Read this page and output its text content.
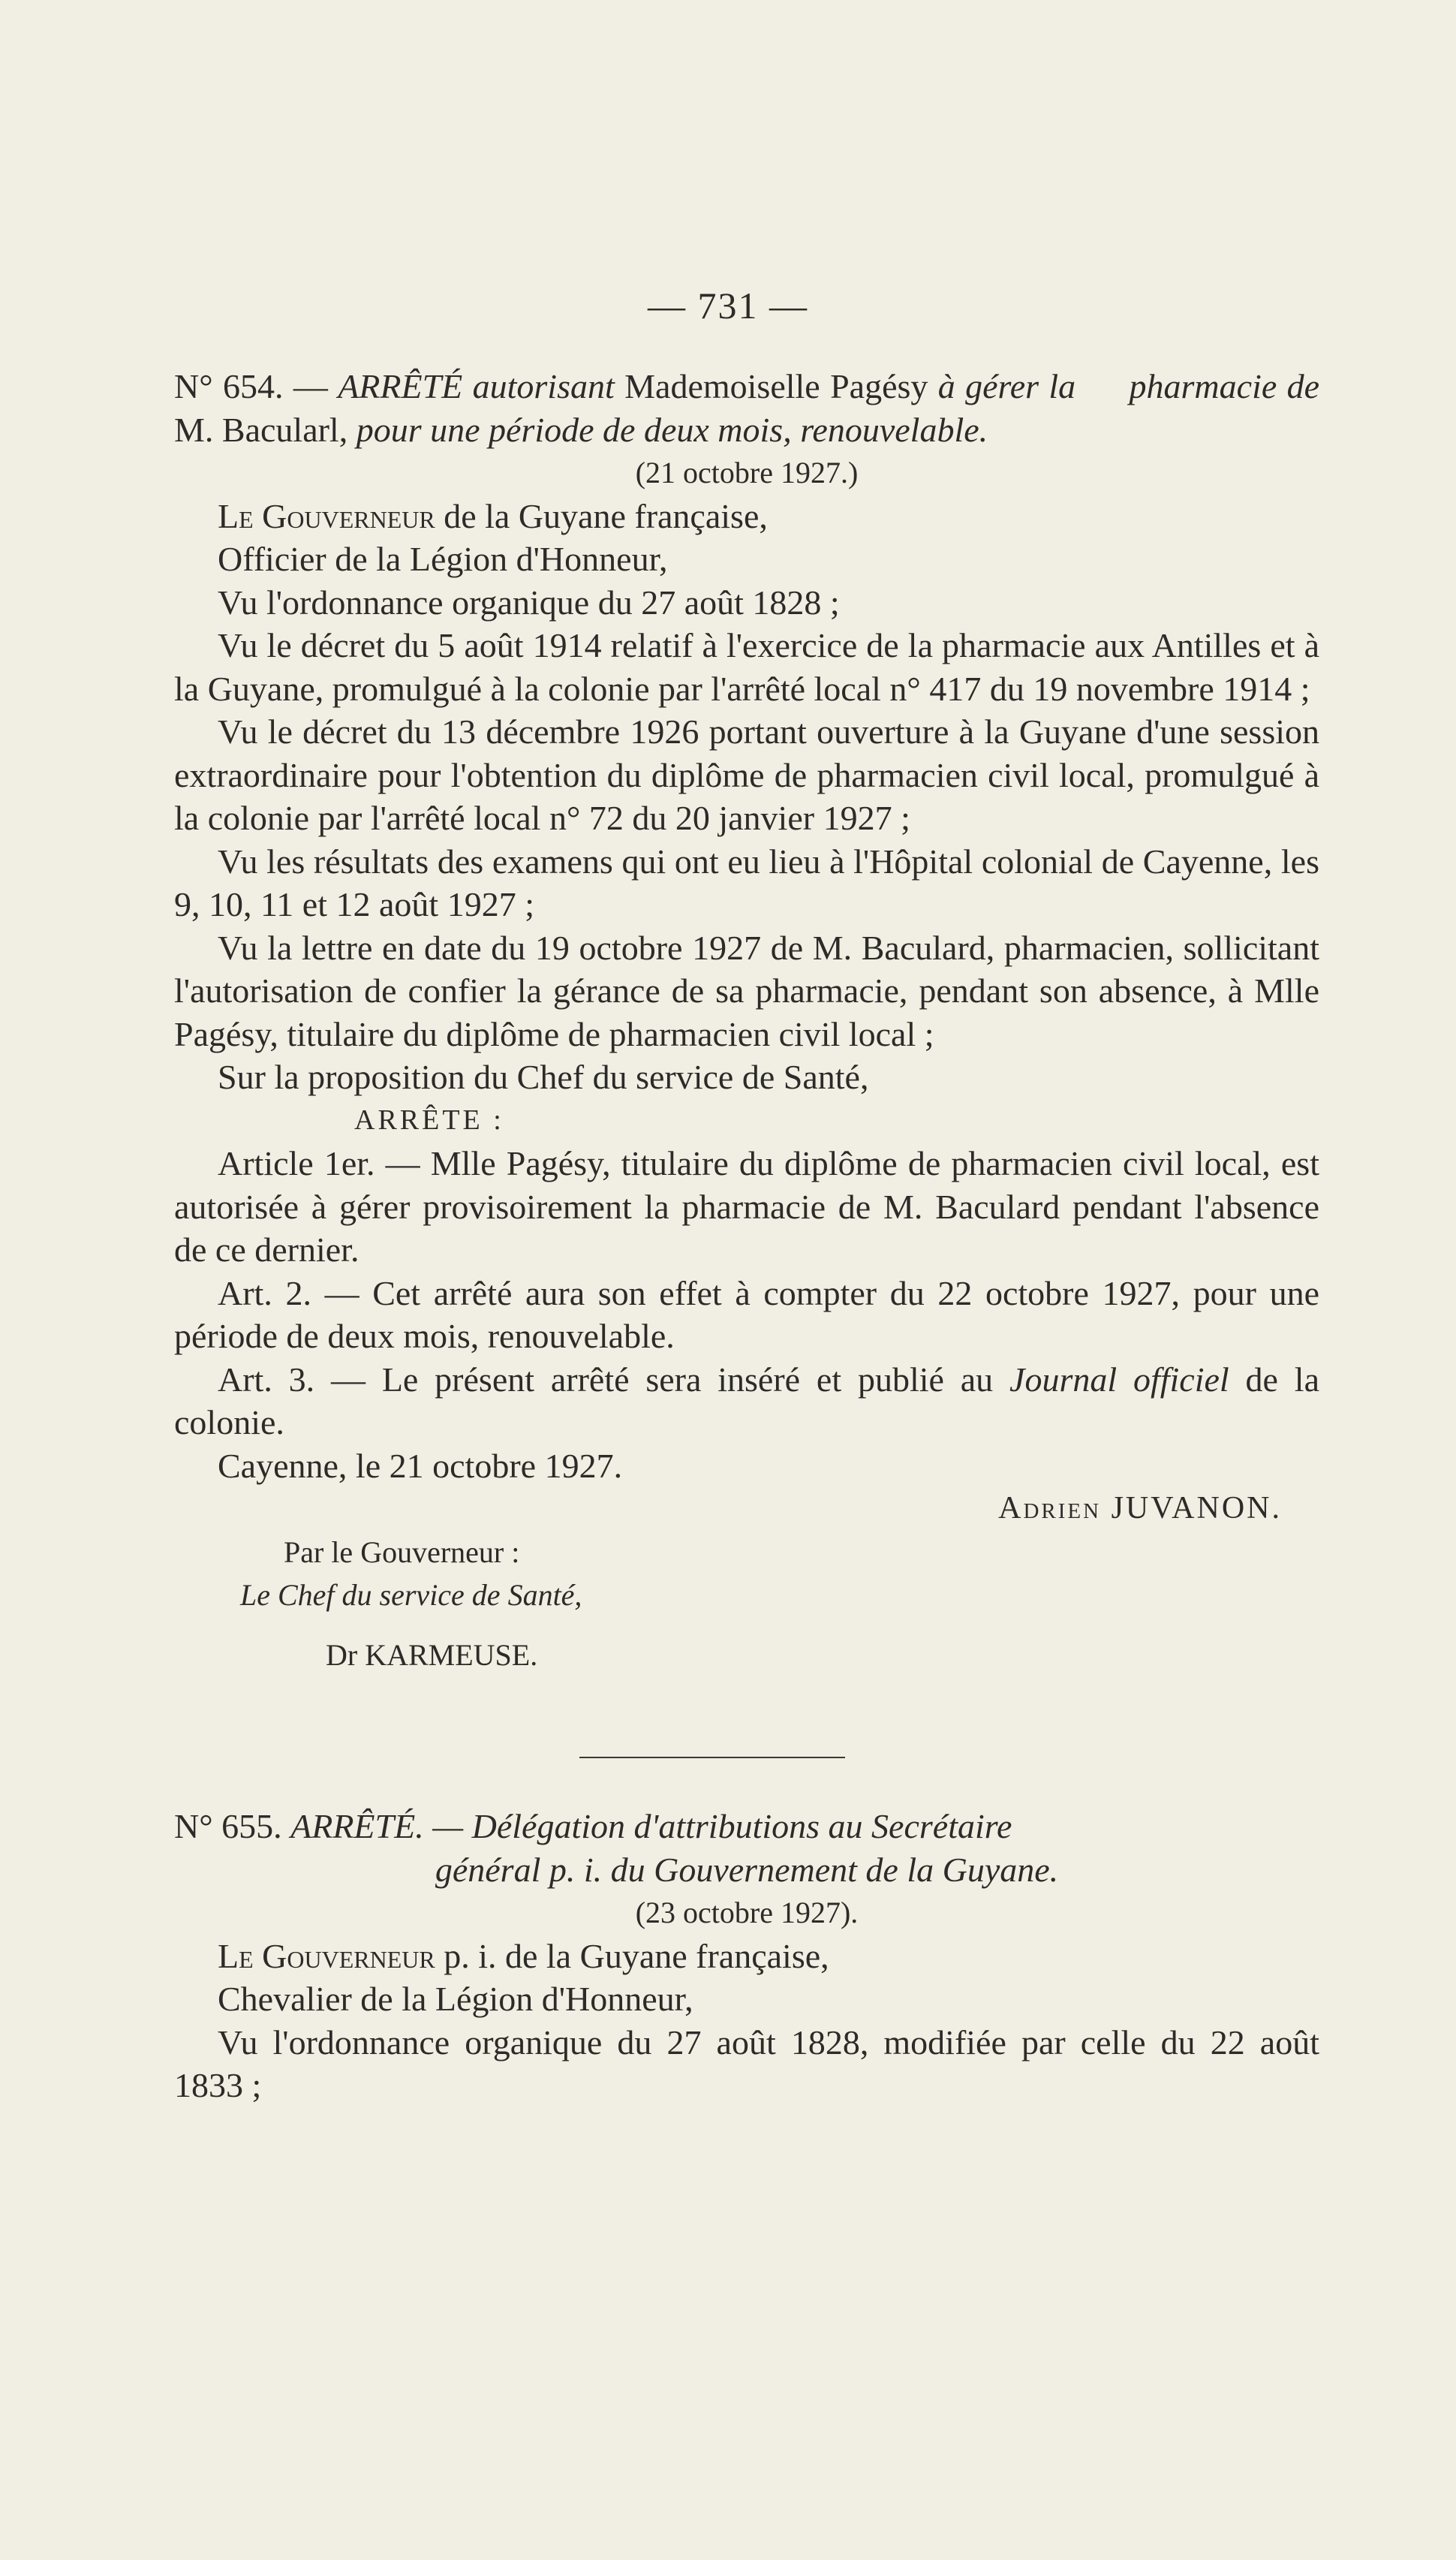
— 731 —

N° 654. — ARRÊTÉ autorisant Mademoiselle Pagésy à gérer la pharmacie de M. Bacularl, pour une période de deux mois, renouvelable.

(21 octobre 1927.)

Le Gouverneur de la Guyane française,

Officier de la Légion d'Honneur,

Vu l'ordonnance organique du 27 août 1828 ;

Vu le décret du 5 août 1914 relatif à l'exercice de la pharmacie aux Antilles et à la Guyane, promulgué à la colonie par l'arrêté local n° 417 du 19 novembre 1914 ;

Vu le décret du 13 décembre 1926 portant ouverture à la Guyane d'une session extraordinaire pour l'obtention du diplôme de pharmacien civil local, promulgué à la colonie par l'arrêté local n° 72 du 20 janvier 1927 ;

Vu les résultats des examens qui ont eu lieu à l'Hôpital colonial de Cayenne, les 9, 10, 11 et 12 août 1927 ;

Vu la lettre en date du 19 octobre 1927 de M. Baculard, pharmacien, sollicitant l'autorisation de confier la gérance de sa pharmacie, pendant son absence, à Mlle Pagésy, titulaire du diplôme de pharmacien civil local ;

Sur la proposition du Chef du service de Santé,

ARRÊTE :

Article 1er. — Mlle Pagésy, titulaire du diplôme de pharmacien civil local, est autorisée à gérer provisoirement la pharmacie de M. Baculard pendant l'absence de ce dernier.

Art. 2. — Cet arrêté aura son effet à compter du 22 octobre 1927, pour une période de deux mois, renouvelable.

Art. 3. — Le présent arrêté sera inséré et publié au Journal officiel de la colonie.

Cayenne, le 21 octobre 1927.

Adrien JUVANON.

Par le Gouverneur :

Le Chef du service de Santé,

Dr KARMEUSE.

N° 655. ARRÊTÉ. — Délégation d'attributions au Secrétaire

général p. i. du Gouvernement de la Guyane.

(23 octobre 1927).

Le Gouverneur p. i. de la Guyane française,

Chevalier de la Légion d'Honneur,

Vu l'ordonnance organique du 27 août 1828, modifiée par celle du 22 août 1833 ;
